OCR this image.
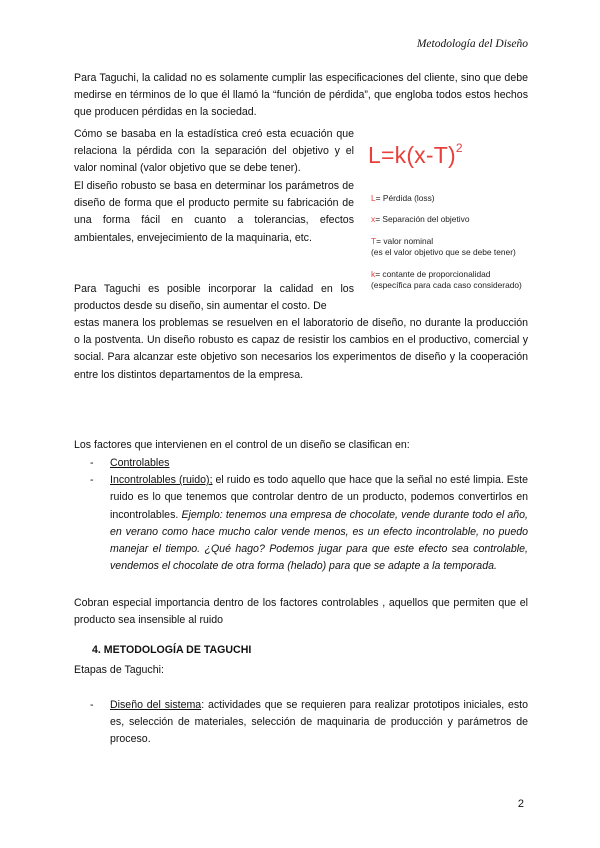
Metodología del Diseño

Para Taguchi, la calidad no es solamente cumplir las especificaciones del cliente, sino que debe medirse en términos de lo que él llamó la “función de pérdida”, que engloba todos estos hechos que producen pérdidas en la sociedad.

Cómo se basaba en la estadística creó esta ecuación que relaciona la pérdida con la separación del objetivo y el valor nominal (valor objetivo que se debe tener).

El diseño robusto se basa en determinar los parámetros de diseño de forma que el producto permite su fabricación de una forma fácil en cuanto a tolerancias, efectos ambientales, envejecimiento de la maquinaria, etc.

Para Taguchi es posible incorporar la calidad en los productos desde su diseño, sin aumentar el costo. De

estas manera los problemas se resuelven en el laboratorio de diseño, no durante la producción o la postventa. Un diseño robusto es capaz de resistir los cambios en el productivo, comercial y social. Para alcanzar este objetivo son necesarios los experimentos de diseño y la cooperación entre los distintos departamentos de la empresa.

$L=k(x-T)^2$
L= Pérdida (loss)
x= Separación del objetivo
T= valor nominal
(es el valor objetivo que se debe tener)
k= contante de proporcionalidad
(específica para cada caso considerado)

Los factores que intervienen en el control de un diseño se clasifican en:

- Controlables
- Incontrolables (ruido); el ruido es todo aquello que hace que la señal no esté limpia. Este ruido es lo que tenemos que controlar dentro de un producto, podemos convertirlos en incontrolables. Ejemplo: tenemos una empresa de chocolate, vende durante todo el año, en verano como hace mucho calor vende menos, es un efecto incontrolable, no puedo manejar el tiempo. ¿Qué hago? Podemos jugar para que este efecto sea controlable, vendemos el chocolate de otra forma (helado) para que se adapte a la temporada.

Cobran especial importancia dentro de los factores controlables , aquellos que permiten que el producto sea insensible al ruido

4. METODOLOGÍA DE TAGUCHI

Etapas de Taguchi:

- Diseño del sistema: actividades que se requieren para realizar prototipos iniciales, esto es, selección de materiales, selección de maquinaria de producción y parámetros de proceso.
2
